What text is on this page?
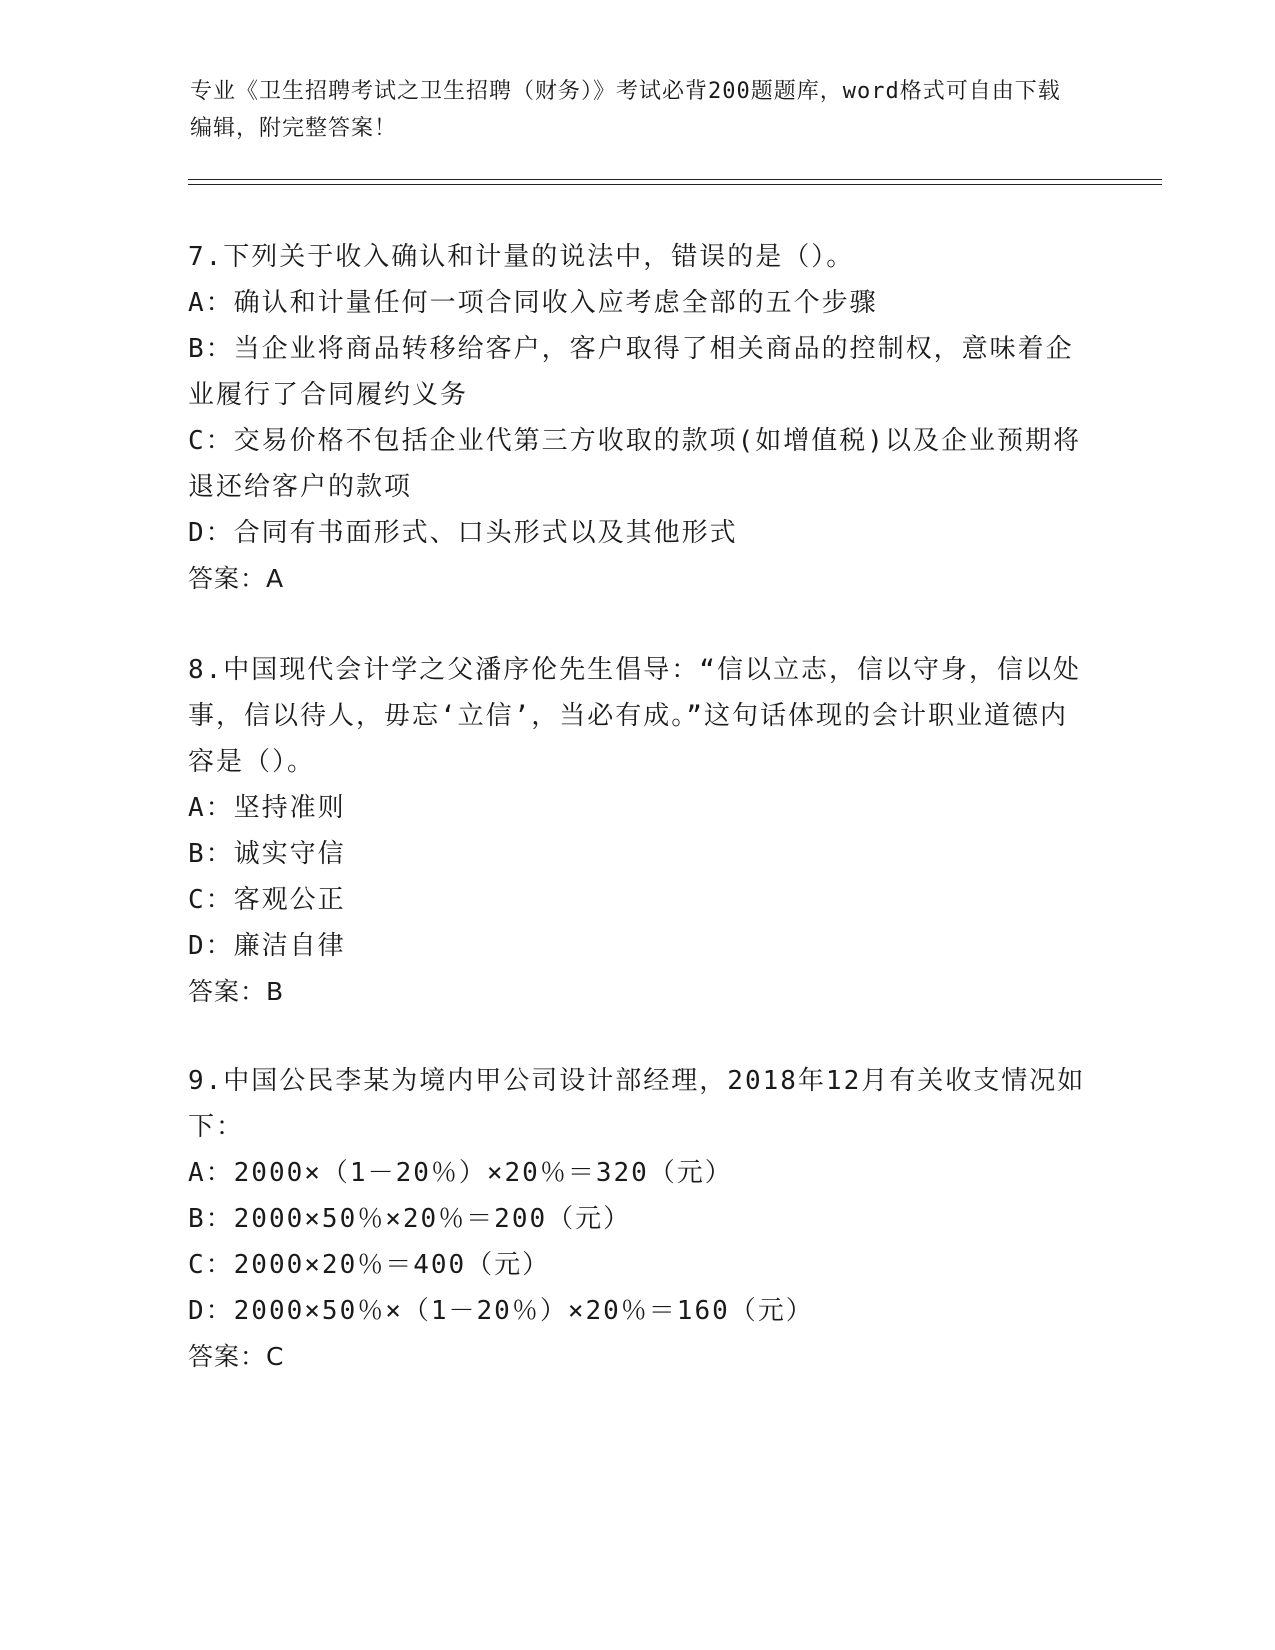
专业《卫生招聘考试之卫生招聘（财务）》考试必背200题题库，word格式可自由下载编辑，附完整答案！
7.下列关于收入确认和计量的说法中，错误的是（）。
A：确认和计量任何一项合同收入应考虑全部的五个步骤
B：当企业将商品转移给客户，客户取得了相关商品的控制权，意味着企业履行了合同履约义务
C：交易价格不包括企业代第三方收取的款项(如增值税)以及企业预期将退还给客户的款项
D：合同有书面形式、口头形式以及其他形式
答案：A
8.中国现代会计学之父潘序伦先生倡导：“信以立志，信以守身，信以处事，信以待人，毋忘‘立信’，当必有成。”这句话体现的会计职业道德内容是（）。
A：坚持准则
B：诚实守信
C：客观公正
D：廉洁自律
答案：B
9.中国公民李某为境内甲公司设计部经理，2018年12月有关收支情况如下：
A：2000×（1－20％）×20％＝320（元）
B：2000×50％×20％＝200（元）
C：2000×20％＝400（元）
D：2000×50％×（1－20％）×20％＝160（元）
答案：C
